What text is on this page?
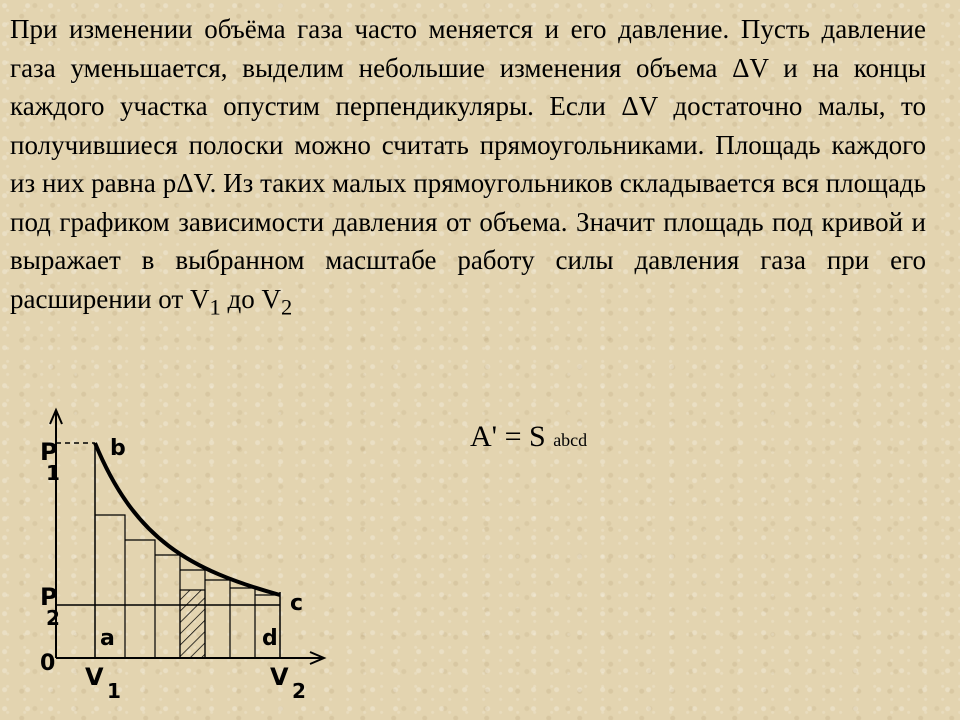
При изменении объёма газа часто меняется и его давление. Пусть давление газа уменьшается, выделим небольшие изменения объема ΔV и на концы каждого участка опустим перпендикуляры. Если ΔV достаточно малы, то получившиеся полоски можно считать прямоугольниками. Площадь каждого из них равна pΔV. Из таких малых прямоугольников складывается вся площадь под графиком зависимости давления от объема. Значит площадь под кривой и выражает в выбранном масштабе работу силы давления газа при его расширении от $V_1$ до $V_2$

A' = S abcd
P
1
P
2
0 V 1	V 2
a
b
c
d
